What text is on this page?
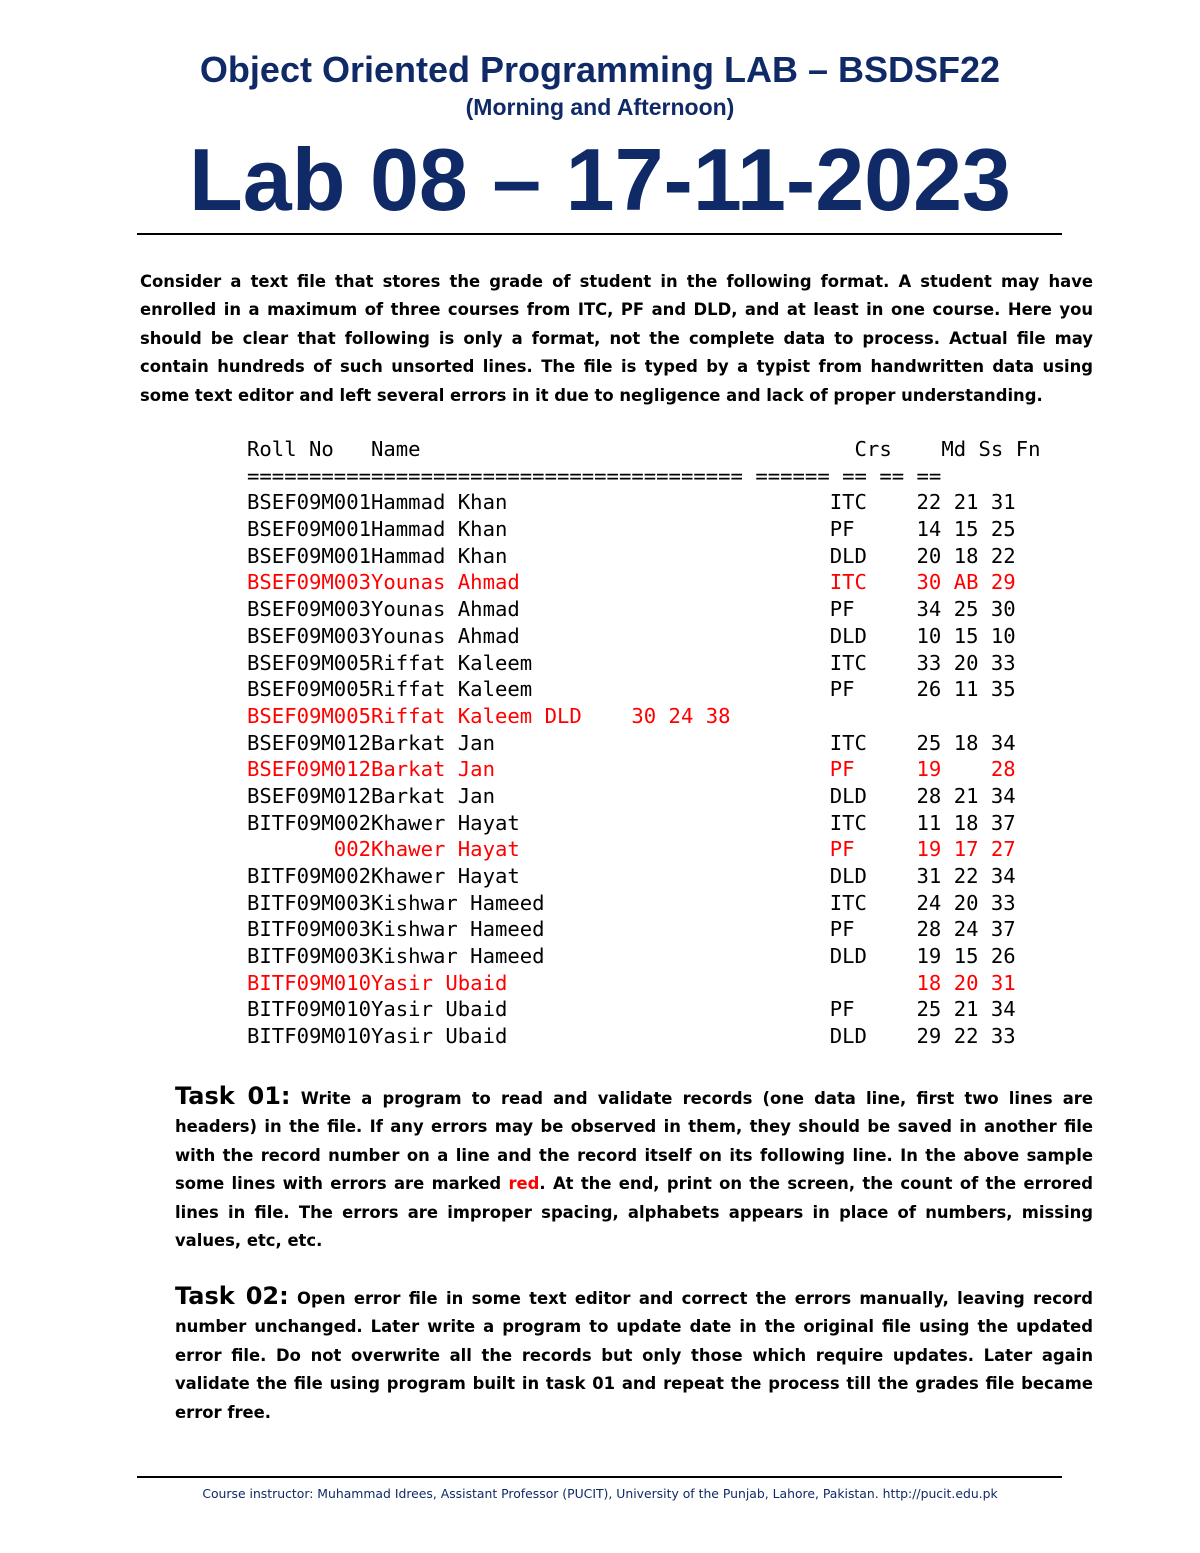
Object Oriented Programming LAB – BSDSF22
(Morning and Afternoon)
Lab 08 – 17-11-2023

Consider a text file that stores the grade of student in the following format. A student may have enrolled in a maximum of three courses from ITC, PF and DLD, and at least in one course. Here you should be clear that following is only a format, not the complete data to process. Actual file may contain hundreds of such unsorted lines. The file is typed by a typist from handwritten data using some text editor and left several errors in it due to negligence and lack of proper understanding.

Roll No   Name                                   Crs    Md Ss Fn
======================================== ====== == == ==
BSEF09M001Hammad Khan                          ITC    22 21 31
BSEF09M001Hammad Khan                          PF     14 15 25
BSEF09M001Hammad Khan                          DLD    20 18 22
BSEF09M003Younas Ahmad                         ITC    30 AB 29
BSEF09M003Younas Ahmad                         PF     34 25 30
BSEF09M003Younas Ahmad                         DLD    10 15 10
BSEF09M005Riffat Kaleem                        ITC    33 20 33
BSEF09M005Riffat Kaleem                        PF     26 11 35
BSEF09M005Riffat Kaleem DLD    30 24 38
BSEF09M012Barkat Jan                           ITC    25 18 34
BSEF09M012Barkat Jan                           PF     19    28
BSEF09M012Barkat Jan                           DLD    28 21 34
BITF09M002Khawer Hayat                         ITC    11 18 37
002Khawer Hayat                         PF     19 17 27
BITF09M002Khawer Hayat                         DLD    31 22 34
BITF09M003Kishwar Hameed                       ITC    24 20 33
BITF09M003Kishwar Hameed                       PF     28 24 37
BITF09M003Kishwar Hameed                       DLD    19 15 26
BITF09M010Yasir Ubaid                                 18 20 31
BITF09M010Yasir Ubaid                          PF     25 21 34
BITF09M010Yasir Ubaid                          DLD    29 22 33

Task 01: Write a program to read and validate records (one data line, first two lines are headers) in the file. If any errors may be observed in them, they should be saved in another file with the record number on a line and the record itself on its following line. In the above sample some lines with errors are marked red. At the end, print on the screen, the count of the errored lines in file. The errors are improper spacing, alphabets appears in place of numbers, missing values, etc, etc.

Task 02: Open error file in some text editor and correct the errors manually, leaving record number unchanged. Later write a program to update date in the original file using the updated error file. Do not overwrite all the records but only those which require updates. Later again validate the file using program built in task 01 and repeat the process till the grades file became error free.

Course instructor: Muhammad Idrees, Assistant Professor (PUCIT), University of the Punjab, Lahore, Pakistan. http://pucit.edu.pk
